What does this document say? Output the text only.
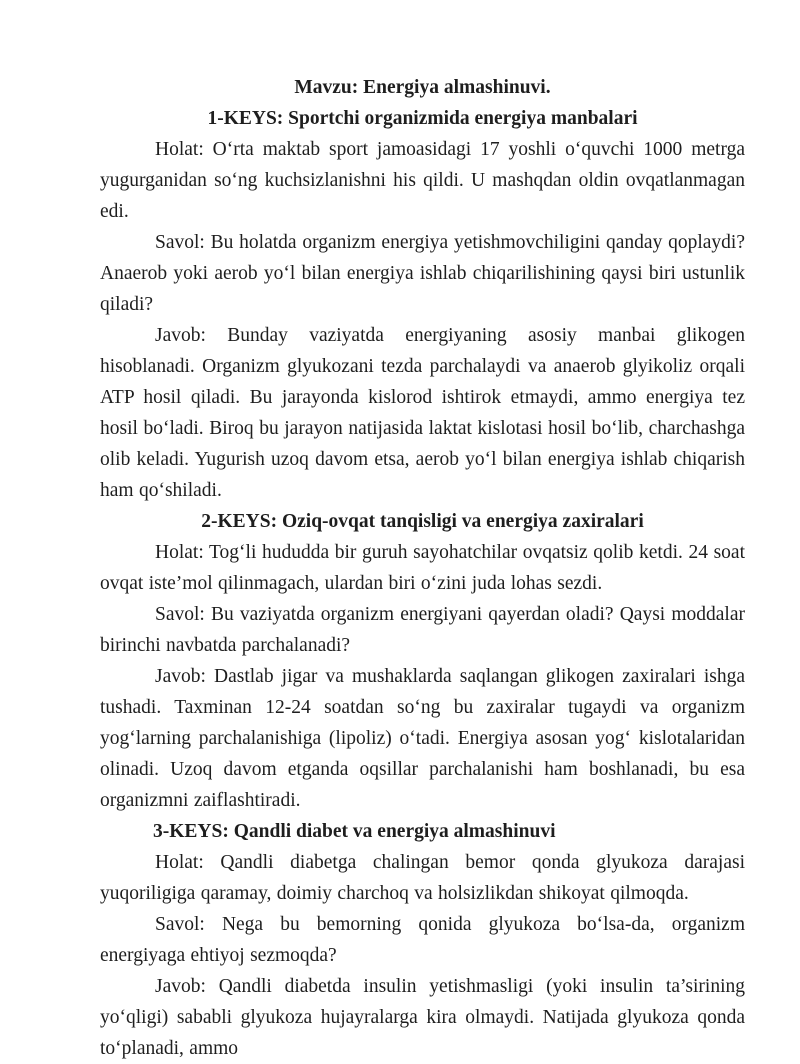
Mavzu: Energiya almashinuvi.
1-KEYS: Sportchi organizmida energiya manbalari

Holat: O‘rta maktab sport jamoasidagi 17 yoshli o‘quvchi 1000 metrga yugurganidan so‘ng kuchsizlanishni his qildi. U mashqdan oldin ovqatlanmagan edi.

Savol: Bu holatda organizm energiya yetishmovchiligini qanday qoplaydi? Anaerob yoki aerob yo‘l bilan energiya ishlab chiqarilishining qaysi biri ustunlik qiladi?

Javob: Bunday vaziyatda energiyaning asosiy manbai glikogen hisoblanadi. Organizm glyukozani tezda parchalaydi va anaerob glyikoliz orqali ATP hosil qiladi. Bu jarayonda kislorod ishtirok etmaydi, ammo energiya tez hosil bo‘ladi. Biroq bu jarayon natijasida laktat kislotasi hosil bo‘lib, charchashga olib keladi. Yugurish uzoq davom etsa, aerob yo‘l bilan energiya ishlab chiqarish ham qo‘shiladi.

2-KEYS: Oziq-ovqat tanqisligi va energiya zaxiralari

Holat: Tog‘li hududda bir guruh sayohatchilar ovqatsiz qolib ketdi. 24 soat ovqat iste’mol qilinmagach, ulardan biri o‘zini juda lohas sezdi.

Savol: Bu vaziyatda organizm energiyani qayerdan oladi? Qaysi moddalar birinchi navbatda parchalanadi?

Javob: Dastlab jigar va mushaklarda saqlangan glikogen zaxiralari ishga tushadi. Taxminan 12-24 soatdan so‘ng bu zaxiralar tugaydi va organizm yog‘larning parchalanishiga (lipoliz) o‘tadi. Energiya asosan yog‘ kislotalaridan olinadi. Uzoq davom etganda oqsillar parchalanishi ham boshlanadi, bu esa organizmni zaiflashtiradi.

3-KEYS: Qandli diabet va energiya almashinuvi

Holat: Qandli diabetga chalingan bemor qonda glyukoza darajasi yuqoriligiga qaramay, doimiy charchoq va holsizlikdan shikoyat qilmoqda.

Savol: Nega bu bemorning qonida glyukoza bo‘lsa-da, organizm energiyaga ehtiyoj sezmoqda?

Javob: Qandli diabetda insulin yetishmasligi (yoki insulin ta’sirining yo‘qligi) sababli glyukoza hujayralarga kira olmaydi. Natijada glyukoza qonda to‘planadi, ammo
